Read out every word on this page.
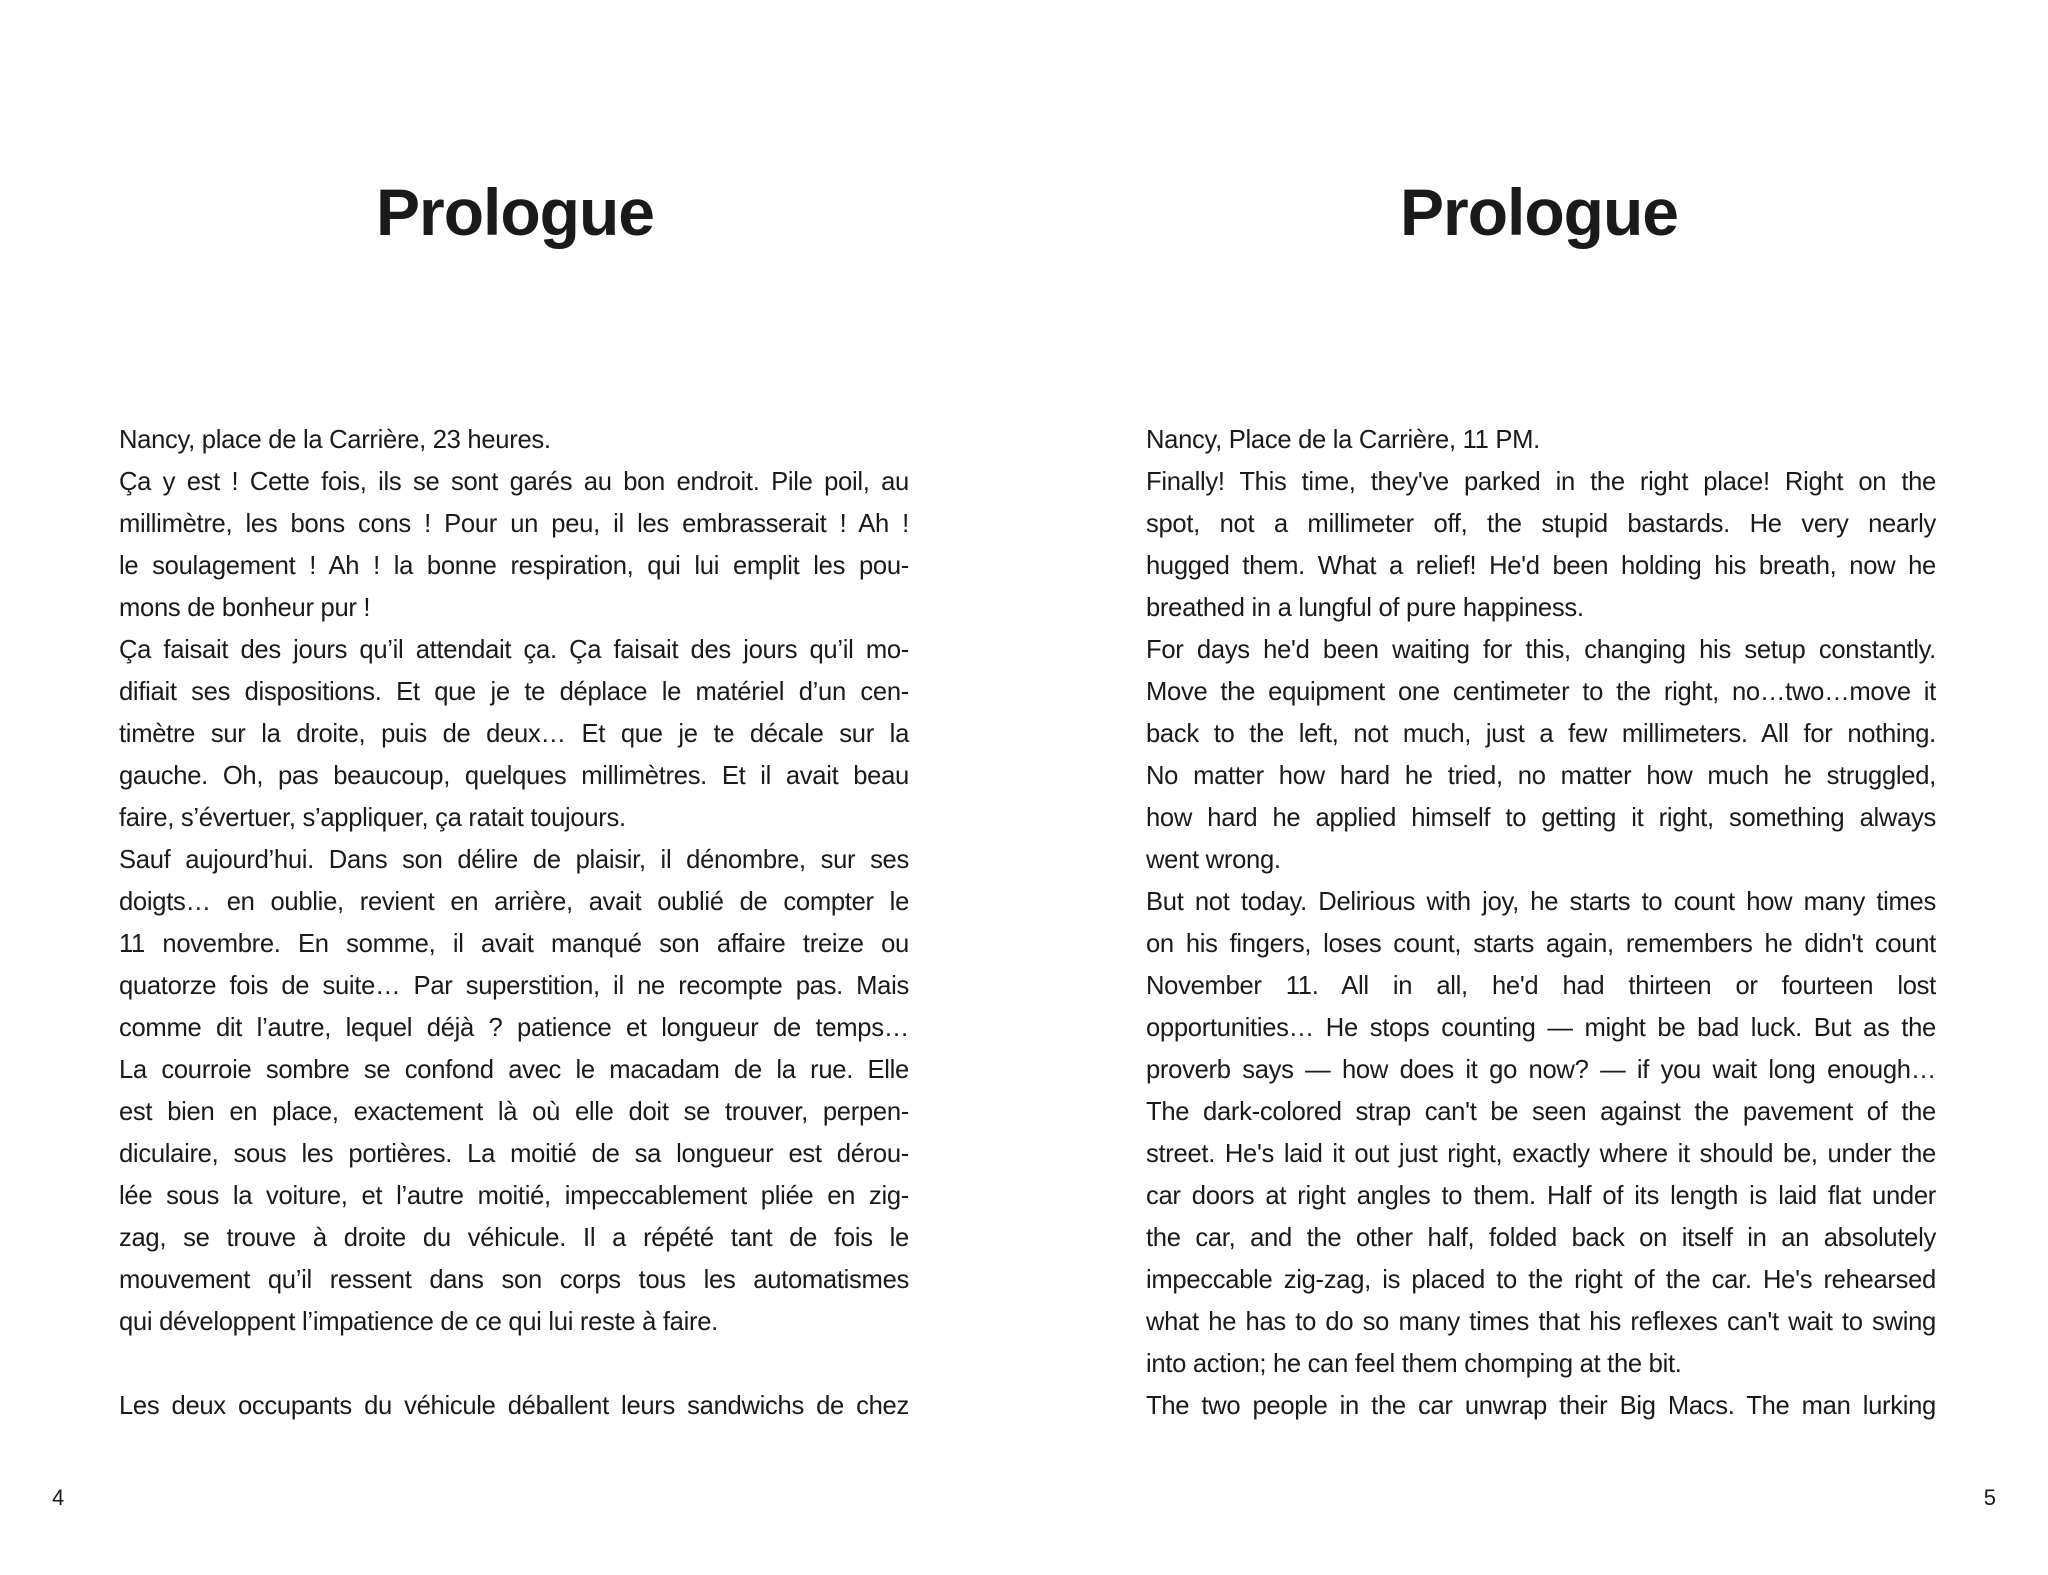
Prologue
Nancy, place de la Carrière, 23 heures.
Ça y est ! Cette fois, ils se sont garés au bon endroit. Pile poil, au
millimètre, les bons cons ! Pour un peu, il les embrasserait ! Ah !
le soulagement ! Ah ! la bonne respiration, qui lui emplit les pou-
mons de bonheur pur !
Ça faisait des jours qu’il attendait ça. Ça faisait des jours qu’il mo-
difiait ses dispositions. Et que je te déplace le matériel d’un cen-
timètre sur la droite, puis de deux… Et que je te décale sur la
gauche. Oh, pas beaucoup, quelques millimètres. Et il avait beau
faire, s’évertuer, s’appliquer, ça ratait toujours.
Sauf aujourd’hui. Dans son délire de plaisir, il dénombre, sur ses
doigts… en oublie, revient en arrière, avait oublié de compter le
11 novembre. En somme, il avait manqué son affaire treize ou
quatorze fois de suite… Par superstition, il ne recompte pas. Mais
comme dit l’autre, lequel déjà ? patience et longueur de temps…
La courroie sombre se confond avec le macadam de la rue. Elle
est bien en place, exactement là où elle doit se trouver, perpen-
diculaire, sous les portières. La moitié de sa longueur est dérou-
lée sous la voiture, et l’autre moitié, impeccablement pliée en zig-
zag, se trouve à droite du véhicule. Il a répété tant de fois le
mouvement qu’il ressent dans son corps tous les automatismes
qui développent l’impatience de ce qui lui reste à faire.
Les deux occupants du véhicule déballent leurs sandwichs de chez
4
Prologue
Nancy, Place de la Carrière, 11 PM.
Finally! This time, they've parked in the right place! Right on the
spot, not a millimeter off, the stupid bastards. He very nearly
hugged them. What a relief! He'd been holding his breath, now he
breathed in a lungful of pure happiness.
For days he'd been waiting for this, changing his setup constantly.
Move the equipment one centimeter to the right, no…two…move it
back to the left, not much, just a few millimeters. All for nothing.
No matter how hard he tried, no matter how much he struggled,
how hard he applied himself to getting it right, something always
went wrong.
But not today. Delirious with joy, he starts to count how many times
on his fingers, loses count, starts again, remembers he didn't count
November 11. All in all, he'd had thirteen or fourteen lost
opportunities… He stops counting — might be bad luck. But as the
proverb says — how does it go now? — if you wait long enough…
The dark-colored strap can't be seen against the pavement of the
street. He's laid it out just right, exactly where it should be, under the
car doors at right angles to them. Half of its length is laid flat under
the car, and the other half, folded back on itself in an absolutely
impeccable zig-zag, is placed to the right of the car. He's rehearsed
what he has to do so many times that his reflexes can't wait to swing
into action; he can feel them chomping at the bit.
The two people in the car unwrap their Big Macs. The man lurking
5
